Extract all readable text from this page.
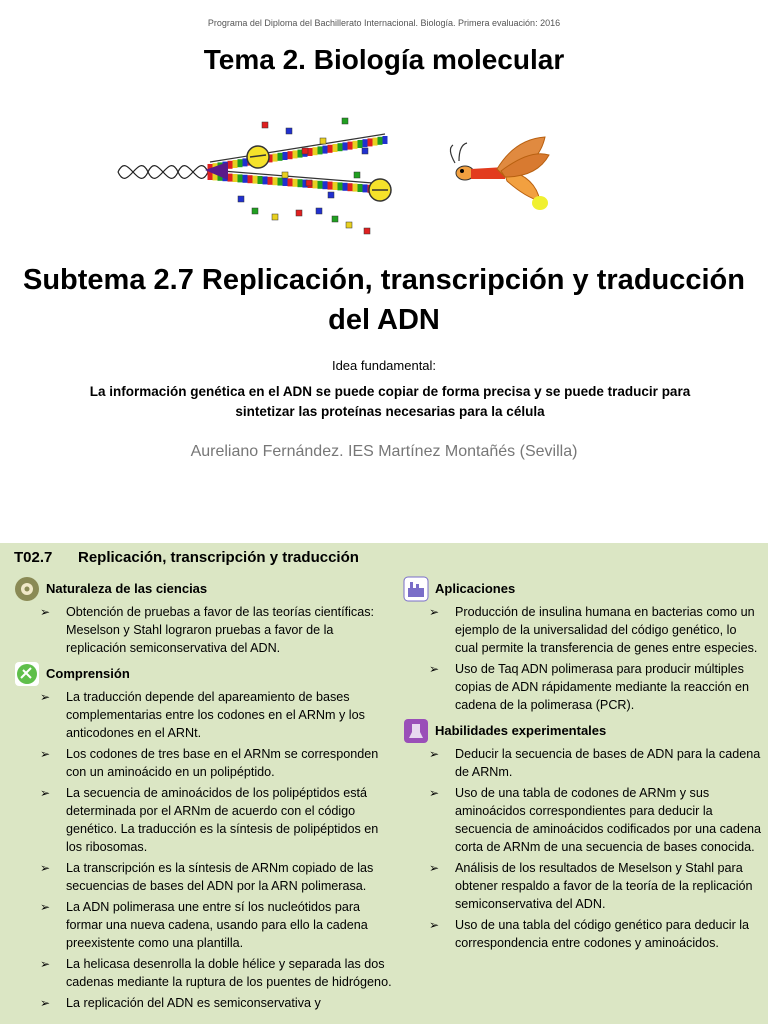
Programa del Diploma del Bachillerato Internacional. Biología. Primera evaluación: 2016
Tema 2. Biología molecular
Subtema 2.7 Replicación, transcripción y traducción
del ADN
Idea fundamental:
La información genética en el ADN se puede copiar de forma precisa y se puede traducir para
sintetizar las proteínas necesarias para la célula
Aureliano Fernández. IES Martínez Montañés (Sevilla)
T02.7 Replicación, transcripción y traducción
Naturaleza de las ciencias
➢ Obtención de pruebas a favor de las teorías científicas: Meselson y Stahl lograron pruebas a favor de la replicación semiconservativa del ADN.
Comprensión
➢ La traducción depende del apareamiento de bases complementarias entre los codones en el ARNm y los anticodones en el ARNt.
➢ Los codones de tres base en el ARNm se corresponden con un aminoácido en un polipéptido.
➢ La secuencia de aminoácidos de los polipéptidos está determinada por el ARNm de acuerdo con el código genético. La traducción es la síntesis de polipéptidos en los ribosomas.
➢ La transcripción es la síntesis de ARNm copiado de las secuencias de bases del ADN por la ARN polimerasa.
➢ La ADN polimerasa une entre sí los nucleótidos para formar una nueva cadena, usando para ello la cadena preexistente como una plantilla.
➢ La helicasa desenrolla la doble hélice y separada las dos cadenas mediante la ruptura de los puentes de hidrógeno.
➢ La replicación del ADN es semiconservativa y
Aplicaciones
➢ Producción de insulina humana en bacterias como un ejemplo de la universalidad del código genético, lo cual permite la transferencia de genes entre especies.
➢ Uso de Taq ADN polimerasa para producir múltiples copias de ADN rápidamente mediante la reacción en cadena de la polimerasa (PCR).
Habilidades experimentales
➢ Deducir la secuencia de bases de ADN para la cadena de ARNm.
➢ Uso de una tabla de codones de ARNm y sus aminoácidos correspondientes para deducir la secuencia de aminoácidos codificados por una cadena corta de ARNm de una secuencia de bases conocida.
➢ Análisis de los resultados de Meselson y Stahl para obtener respaldo a favor de la teoría de la replicación semiconservativa del ADN.
➢ Uso de una tabla del código genético para deducir la correspondencia entre codones y aminoácidos.
